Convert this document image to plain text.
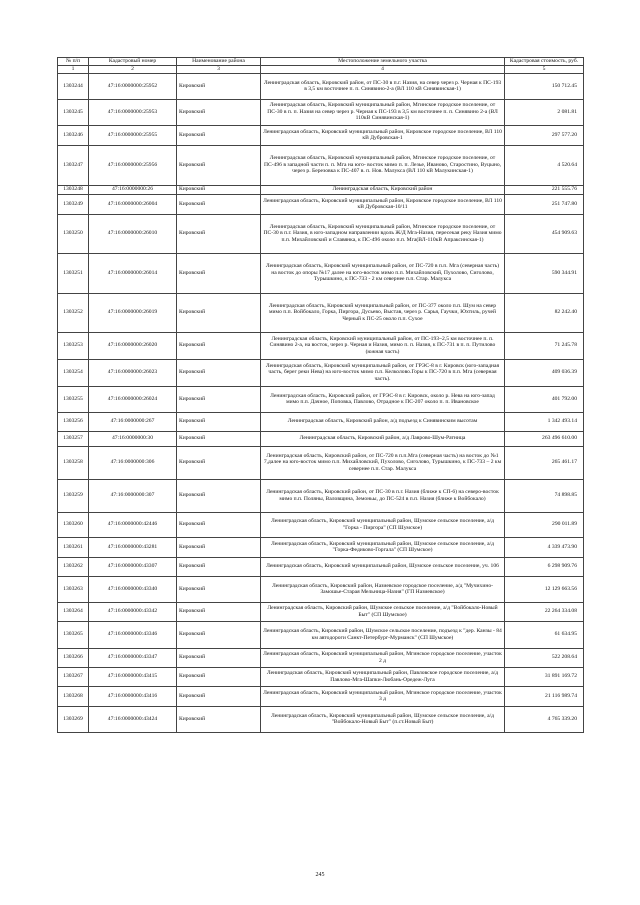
№ п/п	Кадастровый номер	Наименование района	Местоположение земельного участка	Кадастровая стоимость, руб.
1	2	3	4	5
1303244	47:16:0000000:25952	Кировский	Ленинградская область, Кировский район, от ПС-30 в п.г. Назия, на север через р. Черная к ПС-193 в 3,5 км восточнее п. п. Синявино-2-а (ВЛ 110 кВ Синявинская-1)	150 712.45
1303245	47:16:0000000:25953	Кировский	Ленинградская область, Кировский муниципальный район, Мгинское городское поселение, от ПС-30 в п. п. Назия на север через р. Черная к ПС-193 в 3,5 км восточнее п. п. Синявино 2-а (ВЛ 110кВ Синявинская-1)	2 081.81
1303246	47:16:0000000:25955	Кировский	Ленинградская область, Кировский муниципальный район, Кировское городское поселение, ВЛ 110 кВ Дубровская-1	297 577.20
1303247	47:16:0000000:25956	Кировский	Ленинградская область, Кировский муниципальный район, Мгинское городское поселение, от ПС-496 в западной части п. п. Мга на юго- восток мимо п. п. Лезье, Иваново, Старостино, Вуцыно, через р. Березовка к ПС-407 в. п. Нов. Малукса (ВЛ 110 кВ Малукинская-1)	4 520.64
1303248	47:16:0000000:26	Кировский	Ленинградская область, Кировский район	221 555.76
1303249	47:16:0000000:26004	Кировский	Ленинградская область, Кировский муниципальный район, Кировское городское поселение, ВЛ 110 кВ Дубровская-10/11	251 747.80
1303250	47:16:0000000:26010	Кировский	Ленинградская область, Кировский муниципальный район, Мгинское городское поселение, от ПС-30 в п.г. Назия, в юго-западном направлении вдоль Ж/Д Мга-Назия, пересекая реку Назия мимо п.п. Михайловский и Славянка, к ПС-496 около п.п. Мга(ВЛ-110кВ Апраксинская-1)	454 909.63
1303251	47:16:0000000:26014	Кировский	Ленинградская область, Кировский муниципальный район, от ПС-720 в п.п. Мга (северная часть) на восток до опоры №17 далее на юго-восток мимо п.п. Михайловский, Пухолово, Сиголово, Турышкино, к ПС-733 - 2 км севернее п.п. Стар. Малукса	590 344.91
1303252	47:16:0000000:26019	Кировский	Ленинградская область, Кировский муниципальный район, от ПС-377 около п.п. Шум на север мимо п.п. Войбокало, Горка, Пиргора, Дусьево, Выстав, через р. Сарья, Гаучки, Юхтиль, ручей Черный к ПС-25 около п.п. Сухое	82 242.40
1303253	47:16:0000000:26020	Кировский	Ленинградская область, Кировский муниципальный район, от ПС-193~2,5 км восточнее п. п. Синявино 2-а, на восток, через р. Черная и Назия, мимо п. п. Назия, к ПС-731 в п. п. Путилово (южная часть)	71 245.78
1303254	47:16:0000000:26023	Кировский	Ленинградская область, Кировский муниципальный район, от ГРЭС-8 в г. Кировск (юго-западная часть, берег реки Нева) на юго-восток мимо п.п. Келколово.Горы к ПС-720 в п.п. Мга (северная часть).	409 036.39
1303255	47:16:0000000:26024	Кировский	Ленинградская область, Кировский район, от ГРЭС-8 в г. Кировск, около р. Нева на юго-запад мимо п.п. Дачное, Поповка, Павлово, Отрадное к ПС-207 около п. п. Ивановское	401 792.00
1303256	47:16:0000000:267	Кировский	Ленинградская область, Кировский район, а/д подъезд к Синявинским высотам	1 342 493.14
1303257	47:16:0000000:30	Кировский	Ленинградская область, Кировский район, а/д Лаврово-Шум-Ратница	263 496 610.00
1303258	47:16:0000000:306	Кировский	Ленинградская область, Кировский район, от ПС-720 в п.п.Мга (северная часть) на восток до №1 7,далее на юго-восток мимо п.п. Михайловский, Пухолово, Сиголово, Турышкино, к ПС-733 – 2 км севернее п.п. Стар. Малукса	265 461.17
1303259	47:16:0000000:307	Кировский	Ленинградская область, Кировский район, от ПС-30 в п.г. Назия (ближе к СП-6) на северо-восток мимо п.п. Поляны, Валовщина, Земоньы, до ПС-524 в п.п. Назия (ближе к Войбокало)	74 898.85
1303260	47:16:0000000:42446	Кировский	Ленинградская область, Кировский муниципальный район, Шумское сельское поселение, а/д "Горка - Пиргора" (СП Шумское)	290 011.89
1303261	47:16:0000000:43281	Кировский	Ленинградская область, Кировский муниципальный район, Шумское сельское поселение, а/д "Горка-Федиково-Горгала" (СП Шумское)	4 339 473.90
1303262	47:16:0000000:43307	Кировский	Ленинградская область, Кировский муниципальный район, Шумское сельское поселение, уч. 106	6 298 909.76
1303263	47:16:0000000:43340	Кировский	Ленинградская область, Кировский район, Назиевское городское поселение, а/д "Мучихино-Замошье-Старая Мельница-Назия" (ГП Назиевское)	12 129 663.56
1303264	47:16:0000000:43342	Кировский	Ленинградская область, Кировский район, Шумское сельское поселение, а/д "Войбокало-Новый Быт" (СП Шумское)	22 264 334.08
1303265	47:16:0000000:43346	Кировский	Ленинградская область, Кировский район, Шумское сельское поселение, подъезд к "дер. Канзы - 84 км автодороги Санкт-Петербург-Мурманск" (СП Шумское)	61 634.95
1303266	47:16:0000000:43347	Кировский	Ленинградская область, Кировский муниципальный район, Мгинское городское поселение, участок 2 д	522 208.64
1303267	47:16:0000000:43415	Кировский	Ленинградская область, Кировский муниципальный район, Павловское городское поселение, а/д Павлово-Мга-Шапки-Любань-Оредеж-Луга	31 891 169.72
1303268	47:16:0000000:43416	Кировский	Ленинградская область, Кировский муниципальный район, Мгинское городское поселение, участок 3 д	21 116 989.74
1303269	47:16:0000000:43424	Кировский	Ленинградская область, Кировский муниципальный район, Шумское сельское поселение, а/д "Войбокало-Новый Быт" (п.ст.Новый Быт)	4 765 339.20
245
